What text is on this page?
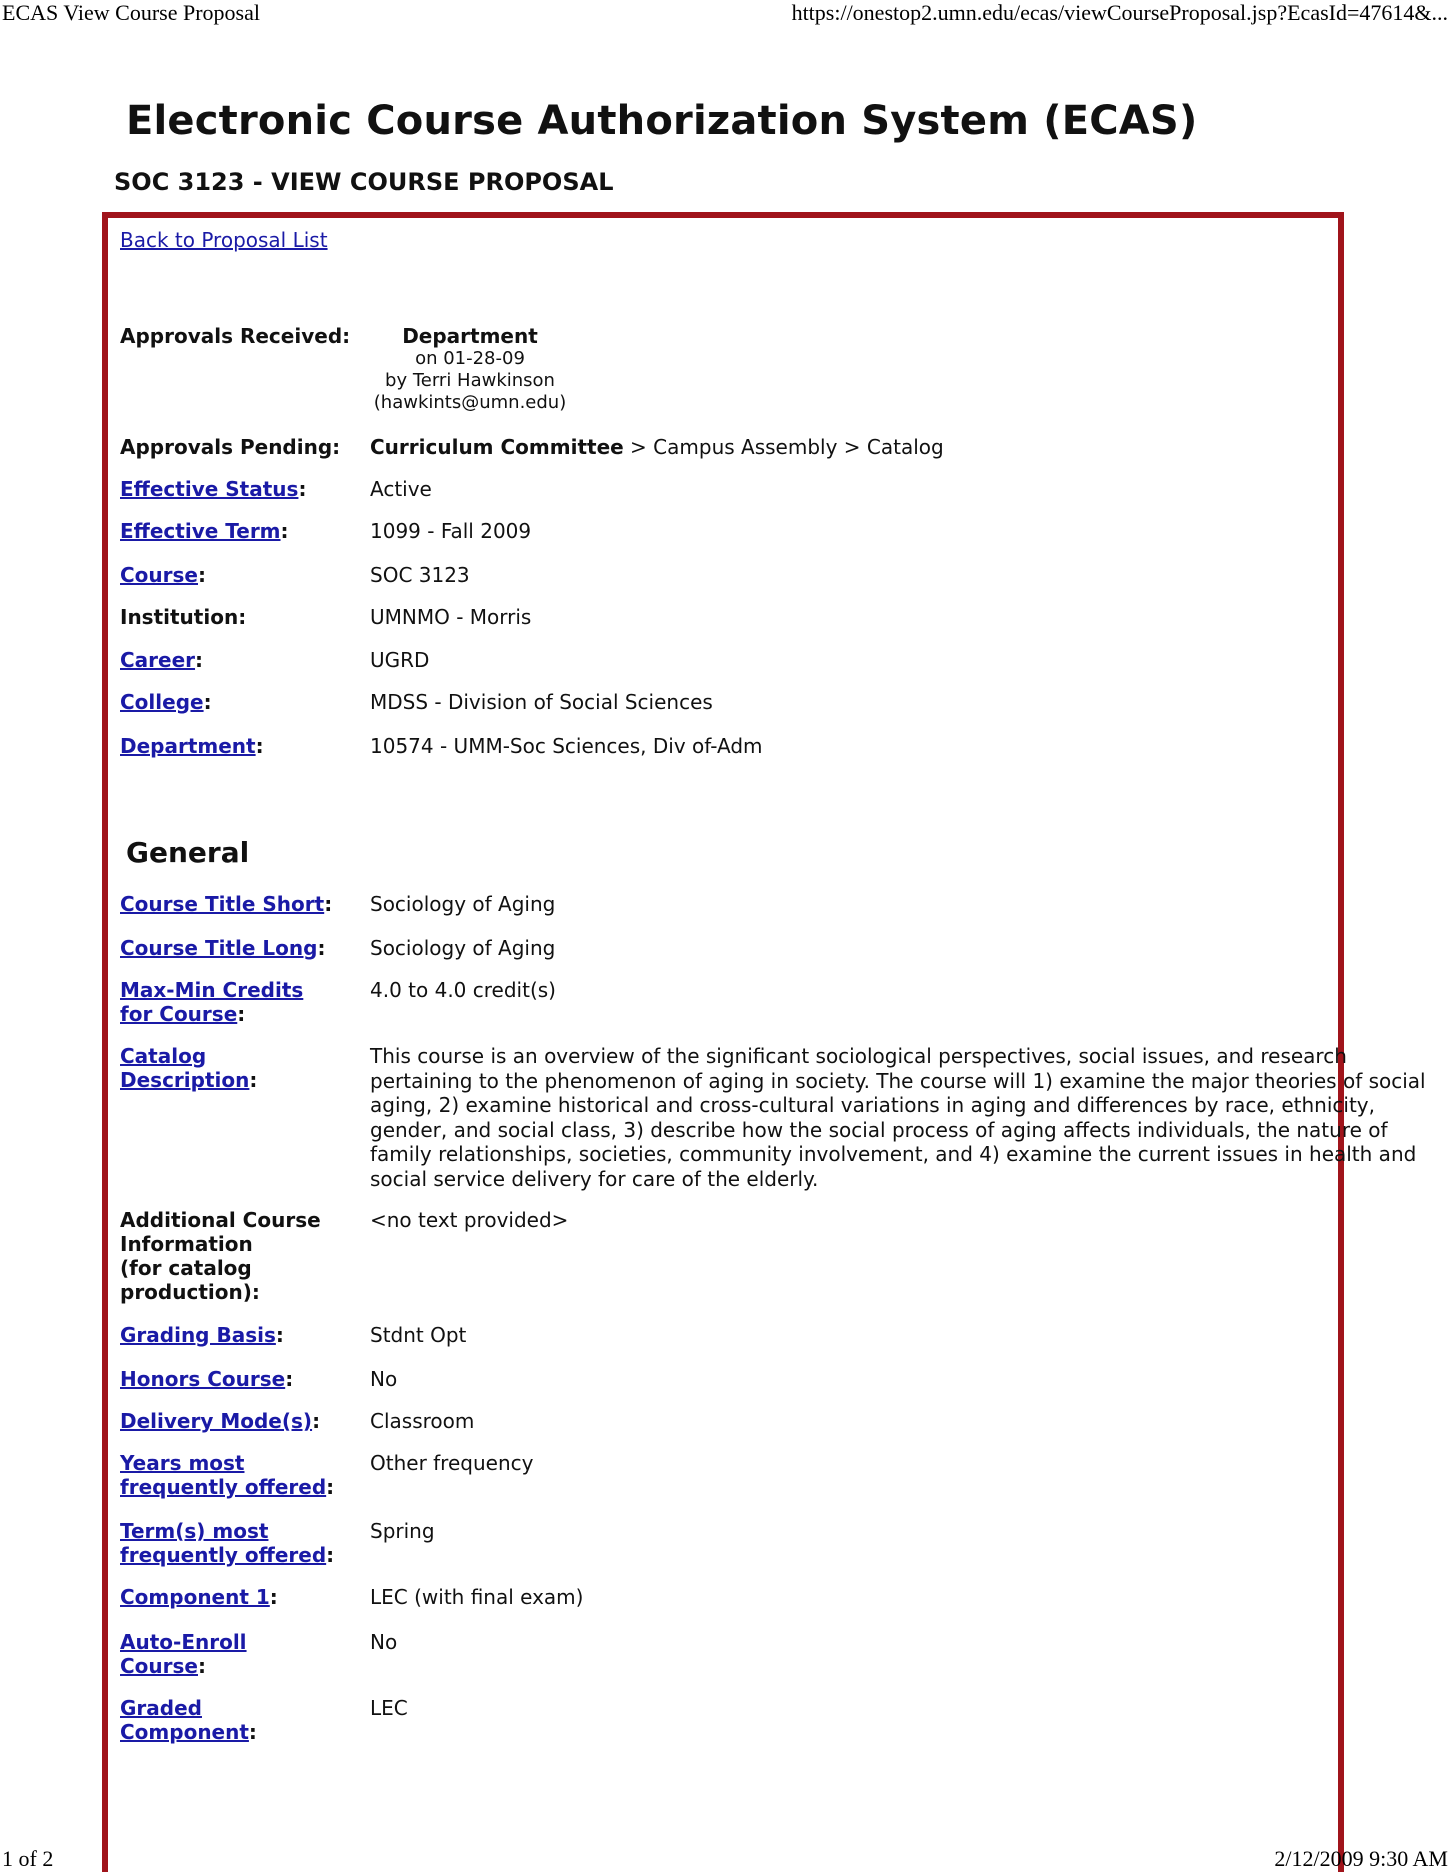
ECAS View Course Proposal	https://onestop2.umn.edu/ecas/viewCourseProposal.jsp?EcasId=47614&...
Electronic Course Authorization System (ECAS)
SOC 3123 - VIEW COURSE PROPOSAL
Back to Proposal List
Approvals Received:	Department
on 01-28-09
by Terri Hawkinson
(hawkints@umn.edu)
Approvals Pending:	Curriculum Committee > Campus Assembly > Catalog
Effective Status:	Active
Effective Term:	1099 - Fall 2009
Course:	SOC 3123
Institution:	UMNMO - Morris
Career:	UGRD
College:	MDSS - Division of Social Sciences
Department:	10574 - UMM-Soc Sciences, Div of-Adm
General
Course Title Short:	Sociology of Aging
Course Title Long:	Sociology of Aging
Max-Min Credits
for Course:
4.0 to 4.0 credit(s)
Catalog
Description:
This course is an overview of the significant sociological perspectives, social issues, and research pertaining to the phenomenon of aging in society. The course will 1) examine the major theories of social aging, 2) examine historical and cross-cultural variations in aging and differences by race, ethnicity, gender, and social class, 3) describe how the social process of aging affects individuals, the nature of family relationships, societies, community involvement, and 4) examine the current issues in health and social service delivery for care of the elderly.
Additional Course
Information
(for catalog
production):
<no text provided>
Grading Basis:	Stdnt Opt
Honors Course:	No
Delivery Mode(s):	Classroom
Years most
frequently offered:
Other frequency
Term(s) most
frequently offered:
Spring
Component 1:	LEC (with final exam)
Auto-Enroll
Course:
No
Graded
Component:
LEC
1 of 2	2/12/2009 9:30 AM
